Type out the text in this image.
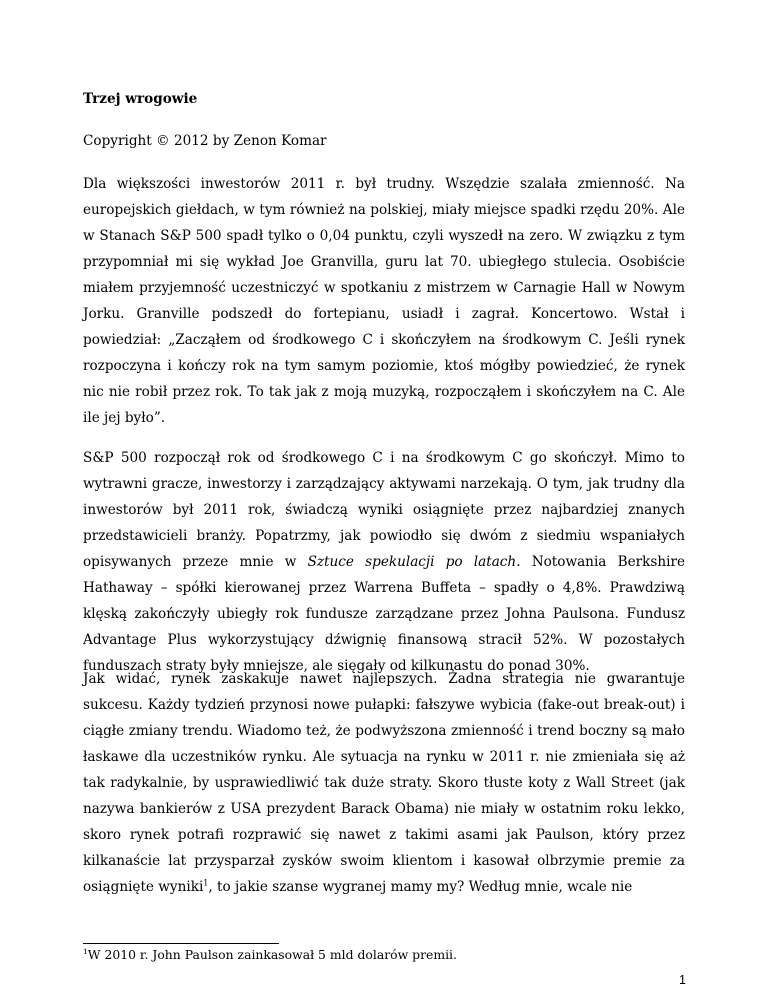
Trzej wrogowie
Copyright © 2012 by Zenon Komar
Dla większości inwestorów 2011 r. był trudny. Wszędzie szalała zmienność. Na europejskich giełdach, w tym również na polskiej, miały miejsce spadki rzędu 20%. Ale w Stanach S&P 500 spadł tylko o 0,04 punktu, czyli wyszedł na zero. W związku z tym przypomniał mi się wykład Joe Granvilla, guru lat 70. ubiegłego stulecia. Osobiście miałem przyjemność uczestniczyć w spotkaniu z mistrzem w Carnagie Hall w Nowym Jorku. Granville podszedł do fortepianu, usiadł i zagrał. Koncertowo. Wstał i powiedział: „Zacząłem od środkowego C i skończyłem na środkowym C. Jeśli rynek rozpoczyna i kończy rok na tym samym poziomie, ktoś mógłby powiedzieć, że rynek nic nie robił przez rok. To tak jak z moją muzyką, rozpocząłem i skończyłem na C. Ale ile jej było”.
S&P 500 rozpoczął rok od środkowego C i na środkowym C go skończył. Mimo to wytrawni gracze, inwestorzy i zarządzający aktywami narzekają. O tym, jak trudny dla inwestorów był 2011 rok, świadczą wyniki osiągnięte przez najbardziej znanych przedstawicieli branży. Popatrzmy, jak powiodło się dwóm z siedmiu wspaniałych opisywanych przeze mnie w Sztuce spekulacji po latach. Notowania Berkshire Hathaway – spółki kierowanej przez Warrena Buffeta – spadły o 4,8%. Prawdziwą klęską zakończyły ubiegły rok fundusze zarządzane przez Johna Paulsona. Fundusz Advantage Plus wykorzystujący dźwignię finansową stracił 52%. W pozostałych funduszach straty były mniejsze, ale sięgały od kilkunastu do ponad 30%.
Jak widać, rynek zaskakuje nawet najlepszych. Żadna strategia nie gwarantuje sukcesu. Każdy tydzień przynosi nowe pułapki: fałszywe wybicia (fake-out break-out) i ciągłe zmiany trendu. Wiadomo też, że podwyższona zmienność i trend boczny są mało łaskawe dla uczestników rynku. Ale sytuacja na rynku w 2011 r. nie zmieniała się aż tak radykalnie, by usprawiedliwić tak duże straty. Skoro tłuste koty z Wall Street (jak nazywa bankierów z USA prezydent Barack Obama) nie miały w ostatnim roku lekko, skoro rynek potrafi rozprawić się nawet z takimi asami jak Paulson, który przez kilkanaście lat przysparzał zysków swoim klientom i kasował olbrzymie premie za osiągnięte wyniki$^1$, to jakie szanse wygranej mamy my? Według mnie, wcale nie
$^1$W 2010 r. John Paulson zainkasował 5 mld dolarów premii.
1
